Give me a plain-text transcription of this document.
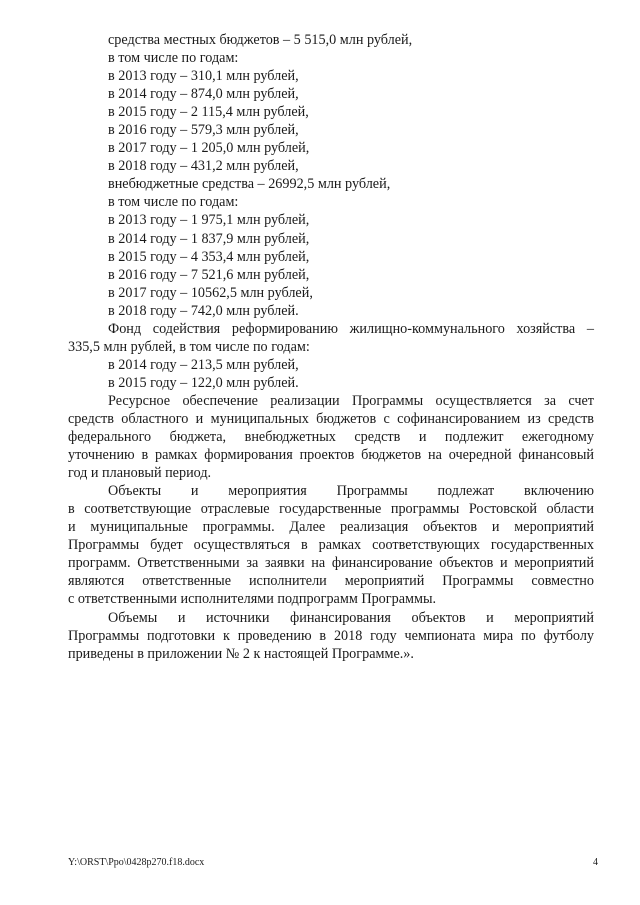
средства местных бюджетов – 5 515,0 млн рублей,
в том числе по годам:
в 2013 году – 310,1 млн рублей,
в 2014 году – 874,0 млн рублей,
в 2015 году – 2 115,4 млн рублей,
в 2016 году – 579,3 млн рублей,
в 2017 году – 1 205,0 млн рублей,
в 2018 году – 431,2 млн рублей,
внебюджетные средства – 26992,5 млн рублей,
в том числе по годам:
в 2013 году – 1 975,1 млн рублей,
в 2014 году – 1 837,9 млн рублей,
в 2015 году – 4 353,4 млн рублей,
в 2016 году – 7 521,6 млн рублей,
в 2017 году – 10562,5 млн рублей,
в 2018 году – 742,0 млн рублей.
Фонд содействия реформированию жилищно-коммунального хозяйства –
335,5 млн рублей, в том числе по годам:
в 2014 году – 213,5 млн рублей,
в 2015 году – 122,0 млн рублей.
Ресурсное обеспечение реализации Программы осуществляется за счет
средств областного и муниципальных бюджетов с софинансированием из средств
федерального бюджета, внебюджетных средств и подлежит ежегодному
уточнению в рамках формирования проектов бюджетов на очередной финансовый
год и плановый период.
Объекты и мероприятия Программы подлежат включению
в соответствующие отраслевые государственные программы Ростовской области
и муниципальные программы. Далее реализация объектов и мероприятий
Программы будет осуществляться в рамках соответствующих государственных
программ. Ответственными за заявки на финансирование объектов и мероприятий
являются ответственные исполнители мероприятий Программы совместно
с ответственными исполнителями подпрограмм Программы.
Объемы и источники финансирования объектов и мероприятий
Программы подготовки к проведению в 2018 году чемпионата мира по футболу
приведены в приложении № 2 к настоящей Программе.».
Y:\ORST\Ppo\0428p270.f18.docx	4
